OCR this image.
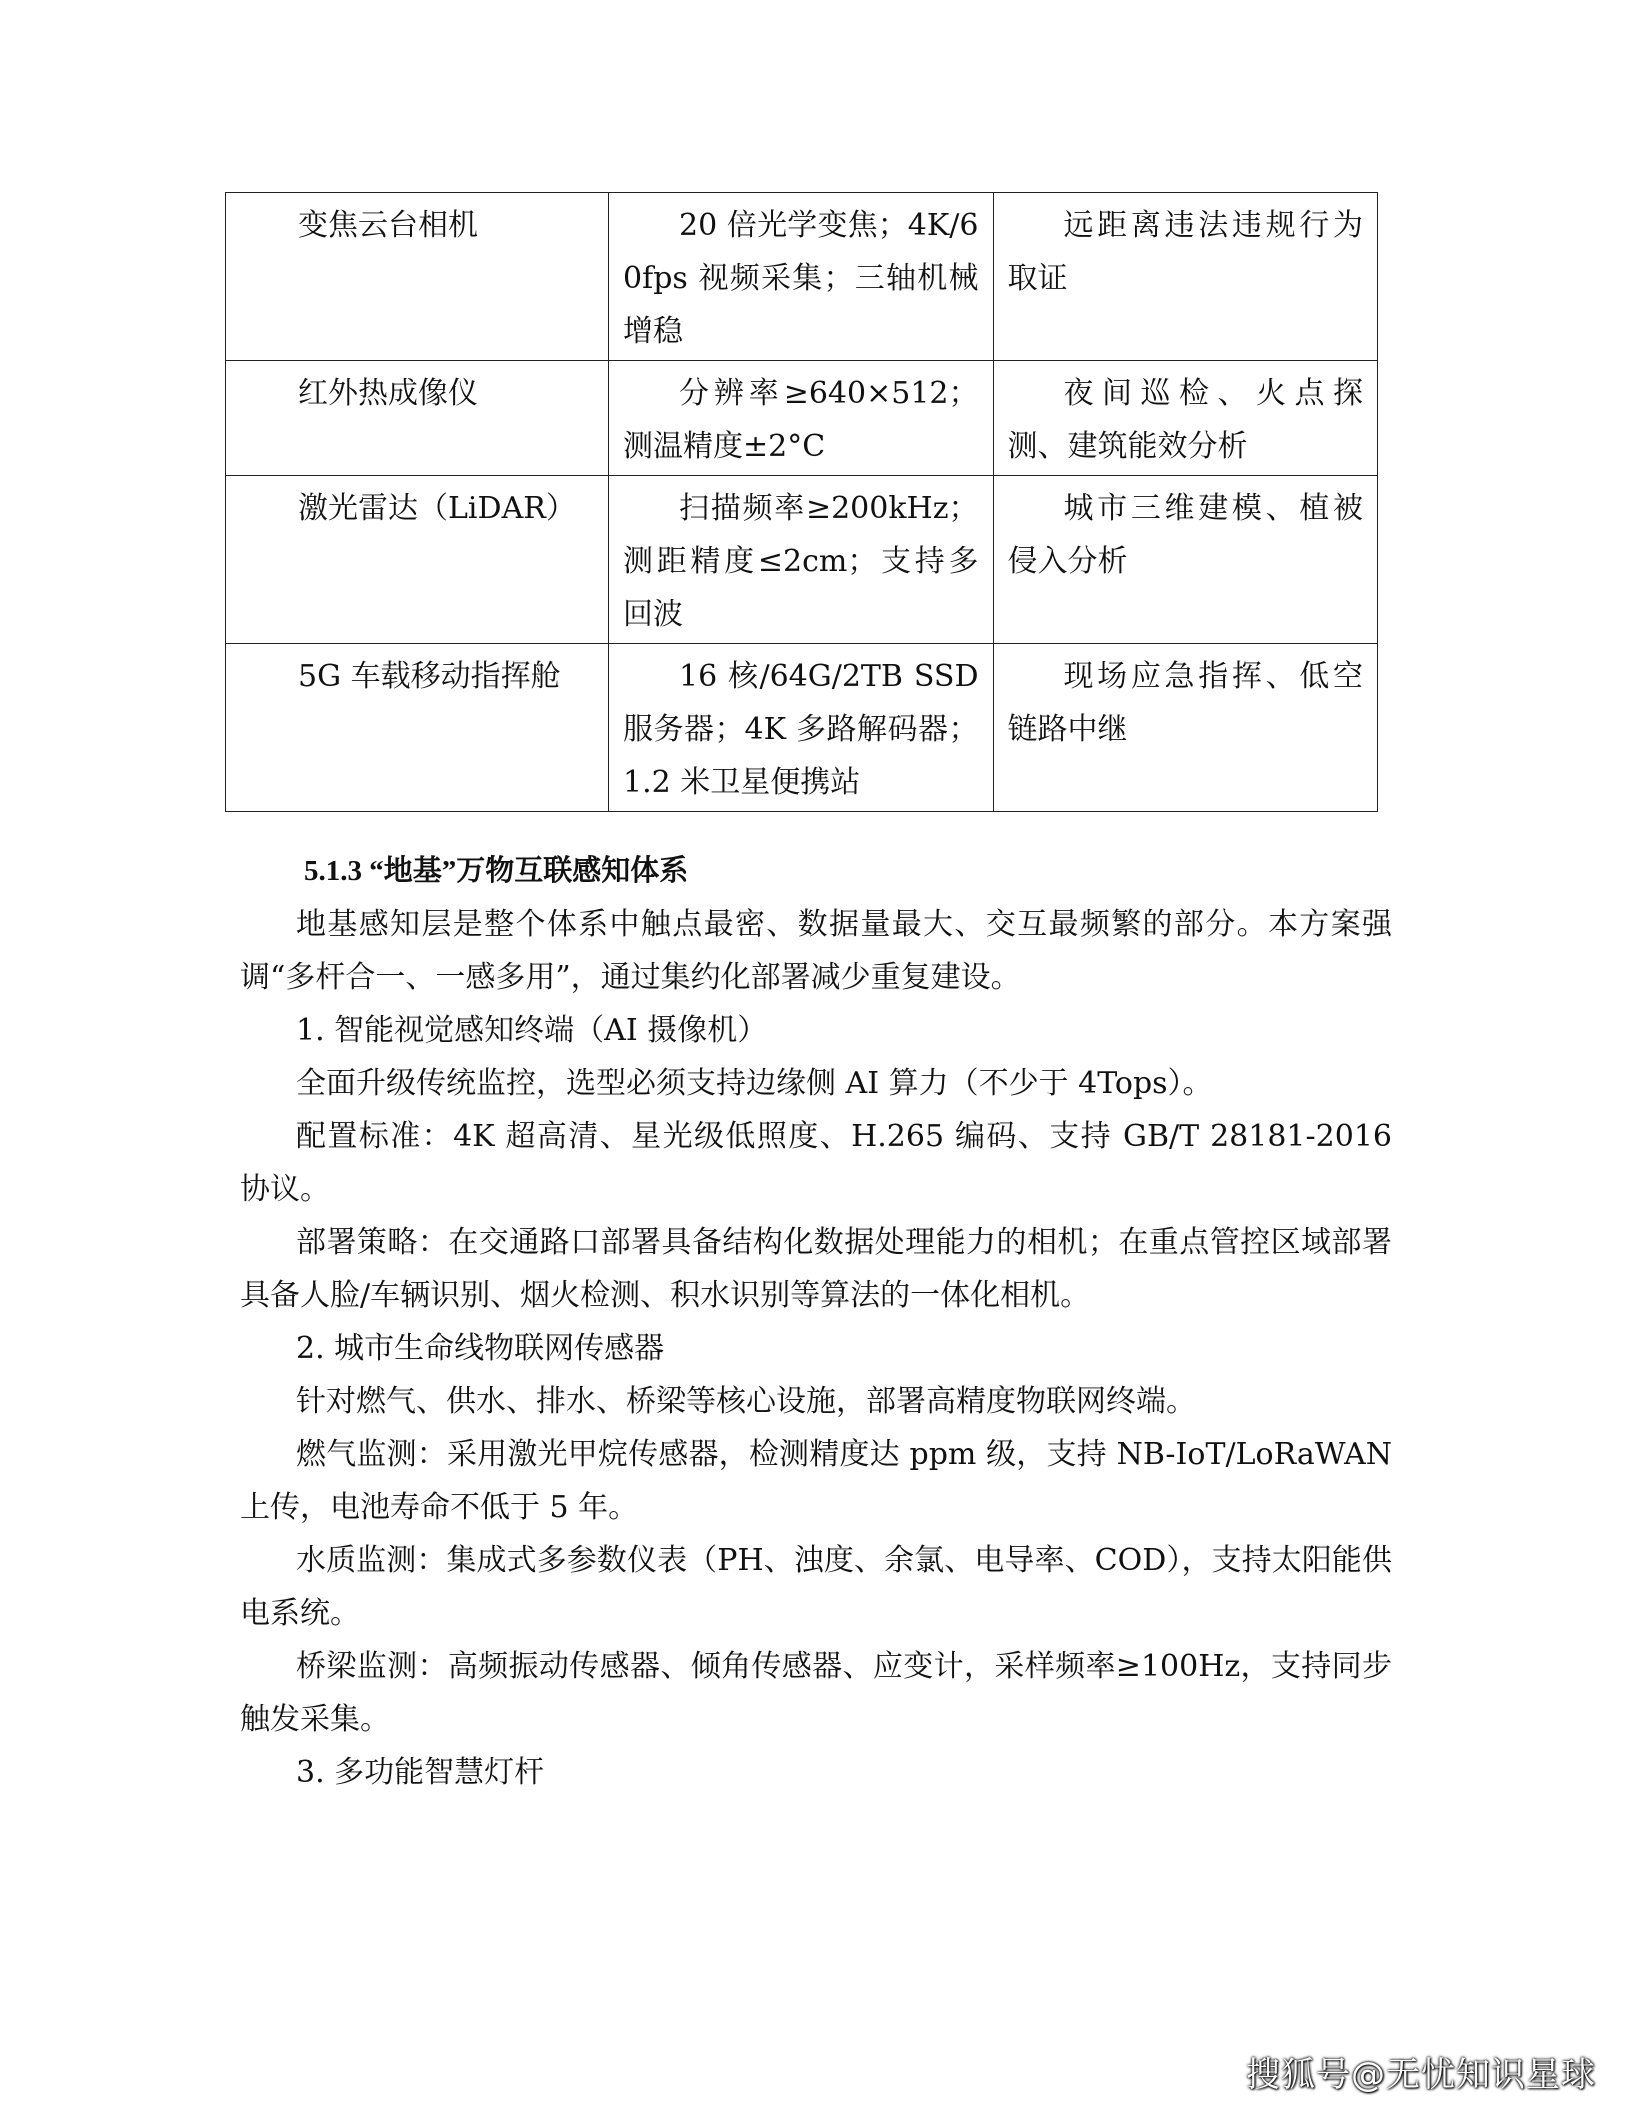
变焦云台相机	20 倍光学变焦；4K/60fps 视频采集；三轴机械增稳	远距离违法违规行为取证
红外热成像仪	分辨率≥640×512；测温精度±2°C	夜间巡检、火点探测、建筑能效分析
激光雷达（LiDAR）	扫描频率≥200kHz；测距精度≤2cm；支持多回波	城市三维建模、植被侵入分析
5G 车载移动指挥舱	16 核/64G/2TB SSD 服务器；4K 多路解码器；1.2 米卫星便携站	现场应急指挥、低空链路中继
5.1.3 “地基”万物互联感知体系

地基感知层是整个体系中触点最密、数据量最大、交互最频繁的部分。本方案强调“多杆合一、一感多用”，通过集约化部署减少重复建设。

1. 智能视觉感知终端（AI 摄像机）

全面升级传统监控，选型必须支持边缘侧 AI 算力（不少于 4Tops）。

配置标准：4K 超高清、星光级低照度、H.265 编码、支持 GB/T 28181-2016 协议。

部署策略：在交通路口部署具备结构化数据处理能力的相机；在重点管控区域部署具备人脸/车辆识别、烟火检测、积水识别等算法的一体化相机。

2. 城市生命线物联网传感器

针对燃气、供水、排水、桥梁等核心设施，部署高精度物联网终端。

燃气监测：采用激光甲烷传感器，检测精度达 ppm 级，支持 NB-IoT/LoRaWAN 上传，电池寿命不低于 5 年。

水质监测：集成式多参数仪表（PH、浊度、余氯、电导率、COD），支持太阳能供电系统。

桥梁监测：高频振动传感器、倾角传感器、应变计，采样频率≥100Hz，支持同步触发采集。

3. 多功能智慧灯杆

搜狐号@无忧知识星球
